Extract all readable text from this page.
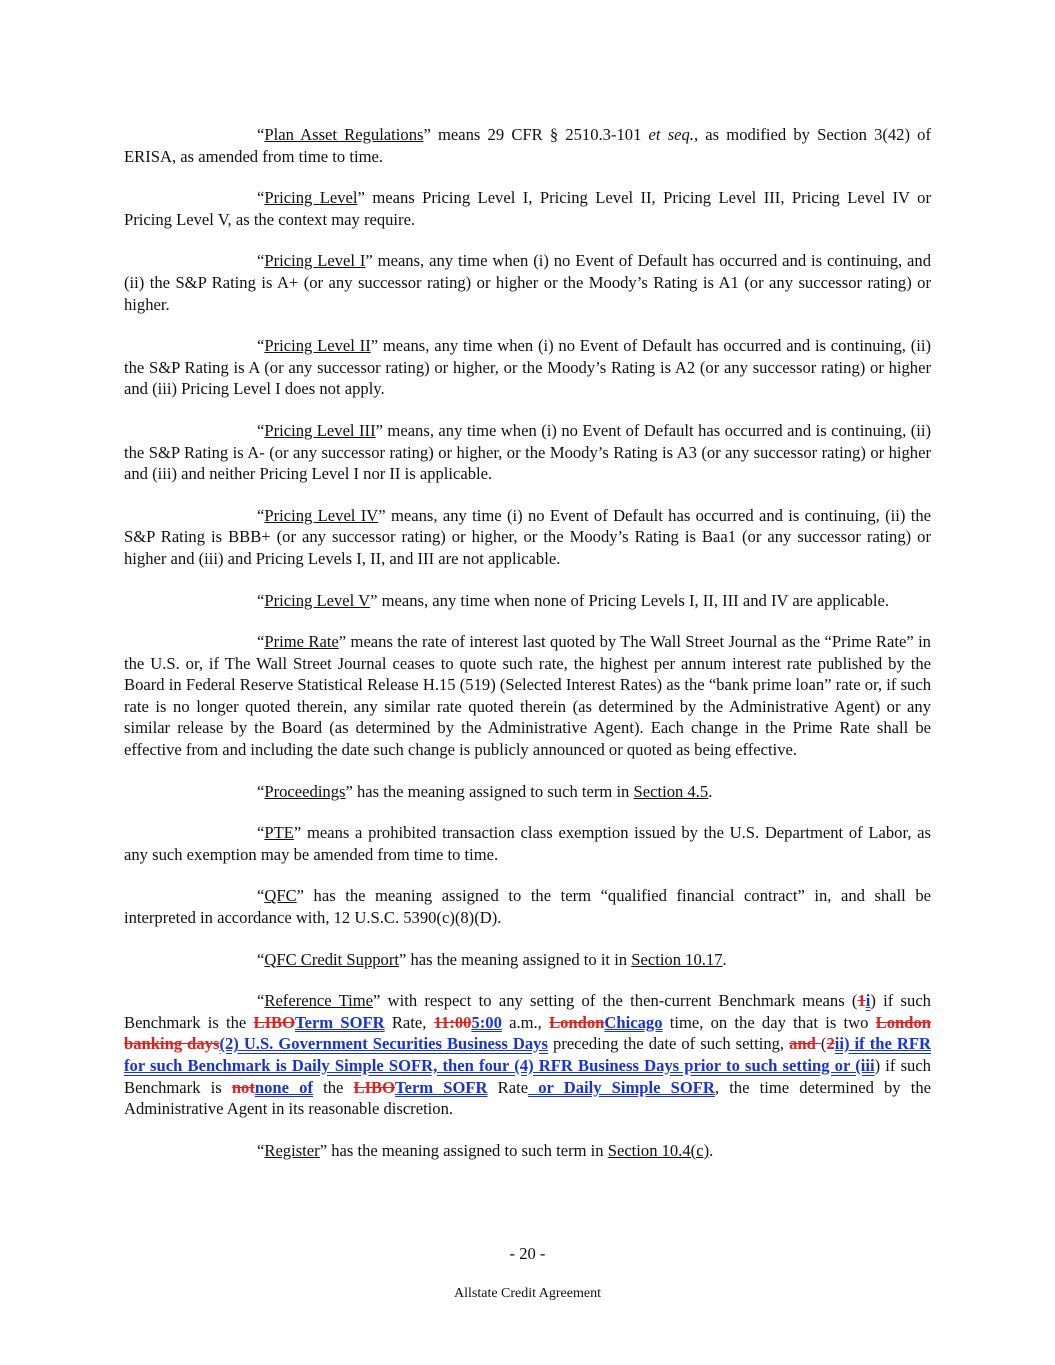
“Plan Asset Regulations” means 29 CFR § 2510.3-101 et seq., as modified by Section 3(42) of ERISA, as amended from time to time.

“Pricing Level” means Pricing Level I, Pricing Level II, Pricing Level III, Pricing Level IV or Pricing Level V, as the context may require.

“Pricing Level I” means, any time when (i) no Event of Default has occurred and is continuing, and (ii) the S&P Rating is A+ (or any successor rating) or higher or the Moody’s Rating is A1 (or any successor rating) or higher.

“Pricing Level II” means, any time when (i) no Event of Default has occurred and is continuing, (ii) the S&P Rating is A (or any successor rating) or higher, or the Moody’s Rating is A2 (or any successor rating) or higher and (iii) Pricing Level I does not apply.

“Pricing Level III” means, any time when (i) no Event of Default has occurred and is continuing, (ii) the S&P Rating is A- (or any successor rating) or higher, or the Moody’s Rating is A3 (or any successor rating) or higher and (iii) and neither Pricing Level I nor II is applicable.

“Pricing Level IV” means, any time (i) no Event of Default has occurred and is continuing, (ii) the S&P Rating is BBB+ (or any successor rating) or higher, or the Moody’s Rating is Baa1 (or any successor rating) or higher and (iii) and Pricing Levels I, II, and III are not applicable.

“Pricing Level V” means, any time when none of Pricing Levels I, II, III and IV are applicable.

“Prime Rate” means the rate of interest last quoted by The Wall Street Journal as the “Prime Rate” in the U.S. or, if The Wall Street Journal ceases to quote such rate, the highest per annum interest rate published by the Board in Federal Reserve Statistical Release H.15 (519) (Selected Interest Rates) as the “bank prime loan” rate or, if such rate is no longer quoted therein, any similar rate quoted therein (as determined by the Administrative Agent) or any similar release by the Board (as determined by the Administrative Agent). Each change in the Prime Rate shall be effective from and including the date such change is publicly announced or quoted as being effective.

“Proceedings” has the meaning assigned to such term in Section 4.5.

“PTE” means a prohibited transaction class exemption issued by the U.S. Department of Labor, as any such exemption may be amended from time to time.

“QFC” has the meaning assigned to the term “qualified financial contract” in, and shall be interpreted in accordance with, 12 U.S.C. 5390(c)(8)(D).

“QFC Credit Support” has the meaning assigned to it in Section 10.17.

“Reference Time” with respect to any setting of the then-current Benchmark means (1i) if such Benchmark is the LIBOTerm SOFR Rate, 11:005:00 a.m., LondonChicago time, on the day that is two London banking days(2) U.S. Government Securities Business Days preceding the date of such setting, and (2ii) if the RFR for such Benchmark is Daily Simple SOFR, then four (4) RFR Business Days prior to such setting or (iii) if such Benchmark is notnone of the LIBOTerm SOFR Rate or Daily Simple SOFR, the time determined by the Administrative Agent in its reasonable discretion.

“Register” has the meaning assigned to such term in Section 10.4(c).

- 20 -
Allstate Credit Agreement
